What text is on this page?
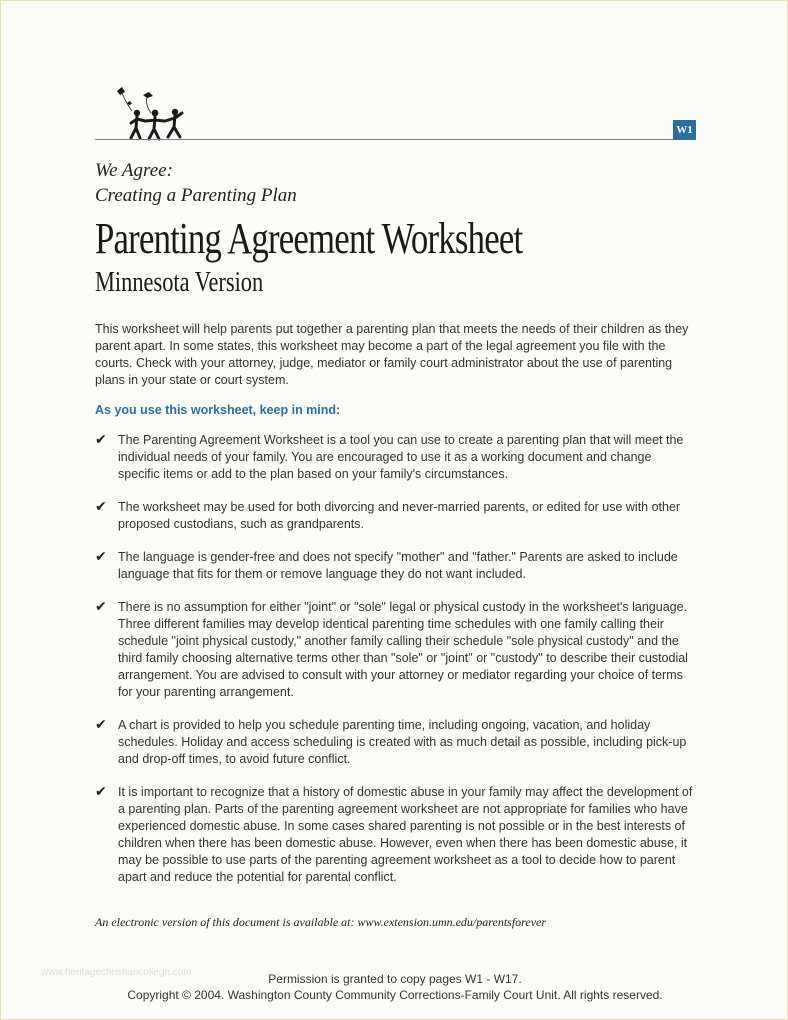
W1
We Agree:
Creating a Parenting Plan
Parenting Agreement Worksheet
Minnesota Version
This worksheet will help parents put together a parenting plan that meets the needs of their children as they parent apart. In some states, this worksheet may become a part of the legal agreement you file with the courts. Check with your attorney, judge, mediator or family court administrator about the use of parenting plans in your state or court system.
As you use this worksheet, keep in mind:
✔ The Parenting Agreement Worksheet is a tool you can use to create a parenting plan that will meet the individual needs of your family. You are encouraged to use it as a working document and change specific items or add to the plan based on your family's circumstances.
✔ The worksheet may be used for both divorcing and never-married parents, or edited for use with other proposed custodians, such as grandparents.
✔ The language is gender-free and does not specify "mother" and "father." Parents are asked to include language that fits for them or remove language they do not want included.
✔ There is no assumption for either "joint" or "sole" legal or physical custody in the worksheet's language. Three different families may develop identical parenting time schedules with one family calling their schedule "joint physical custody," another family calling their schedule "sole physical custody" and the third family choosing alternative terms other than "sole" or "joint" or "custody" to describe their custodial arrangement. You are advised to consult with your attorney or mediator regarding your choice of terms for your parenting arrangement.
✔ A chart is provided to help you schedule parenting time, including ongoing, vacation, and holiday schedules. Holiday and access scheduling is created with as much detail as possible, including pick-up and drop-off times, to avoid future conflict.
✔ It is important to recognize that a history of domestic abuse in your family may affect the development of a parenting plan. Parts of the parenting agreement worksheet are not appropriate for families who have experienced domestic abuse. In some cases shared parenting is not possible or in the best interests of children when there has been domestic abuse. However, even when there has been domestic abuse, it may be possible to use parts of the parenting agreement worksheet as a tool to decide how to parent apart and reduce the potential for parental conflict.
An electronic version of this document is available at: www.extension.umn.edu/parentsforever
www.heritagechristiancollege.com	Permission is granted to copy pages W1 - W17.
Copyright © 2004. Washington County Community Corrections-Family Court Unit. All rights reserved.
